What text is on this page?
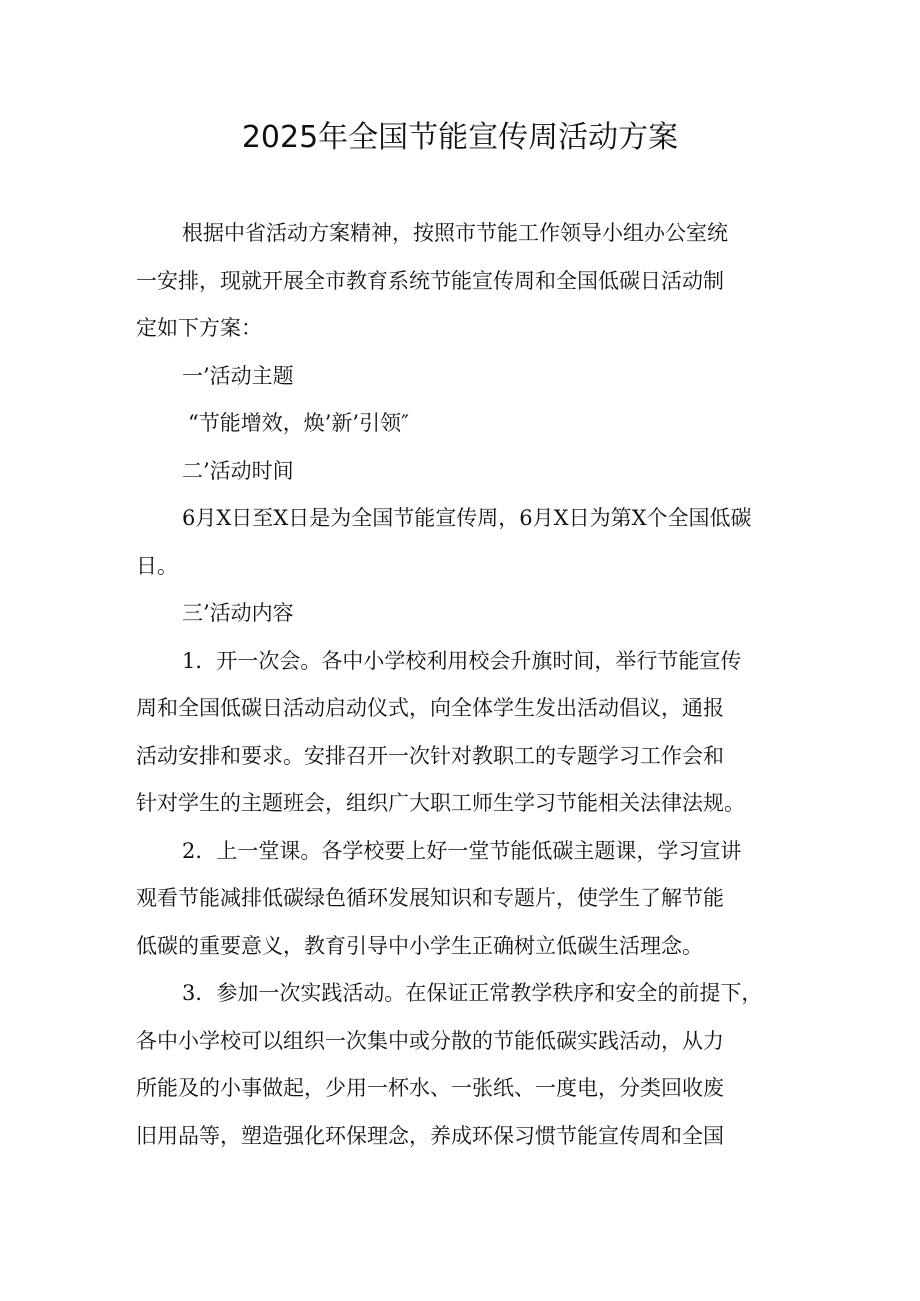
2025年全国节能宣传周活动方案
根据中省活动方案精神，按照市节能工作领导小组办公室统
一安排，现就开展全市教育系统节能宣传周和全国低碳日活动制
定如下方案：
一’活动主题
“节能增效，焕’新’引领″
二’活动时间
6月X日至X日是为全国节能宣传周，6月X日为第X个全国低碳
日。
三’活动内容
1．开一次会。各中小学校利用校会升旗时间，举行节能宣传
周和全国低碳日活动启动仪式，向全体学生发出活动倡议，通报
活动安排和要求。安排召开一次针对教职工的专题学习工作会和
针对学生的主题班会，组织广大职工师生学习节能相关法律法规。
2．上一堂课。各学校要上好一堂节能低碳主题课，学习宣讲
观看节能减排低碳绿色循环发展知识和专题片，使学生了解节能
低碳的重要意义，教育引导中小学生正确树立低碳生活理念。
3．参加一次实践活动。在保证正常教学秩序和安全的前提下，
各中小学校可以组织一次集中或分散的节能低碳实践活动，从力
所能及的小事做起，少用一杯水、一张纸、一度电，分类回收废
旧用品等，塑造强化环保理念，养成环保习惯节能宣传周和全国
